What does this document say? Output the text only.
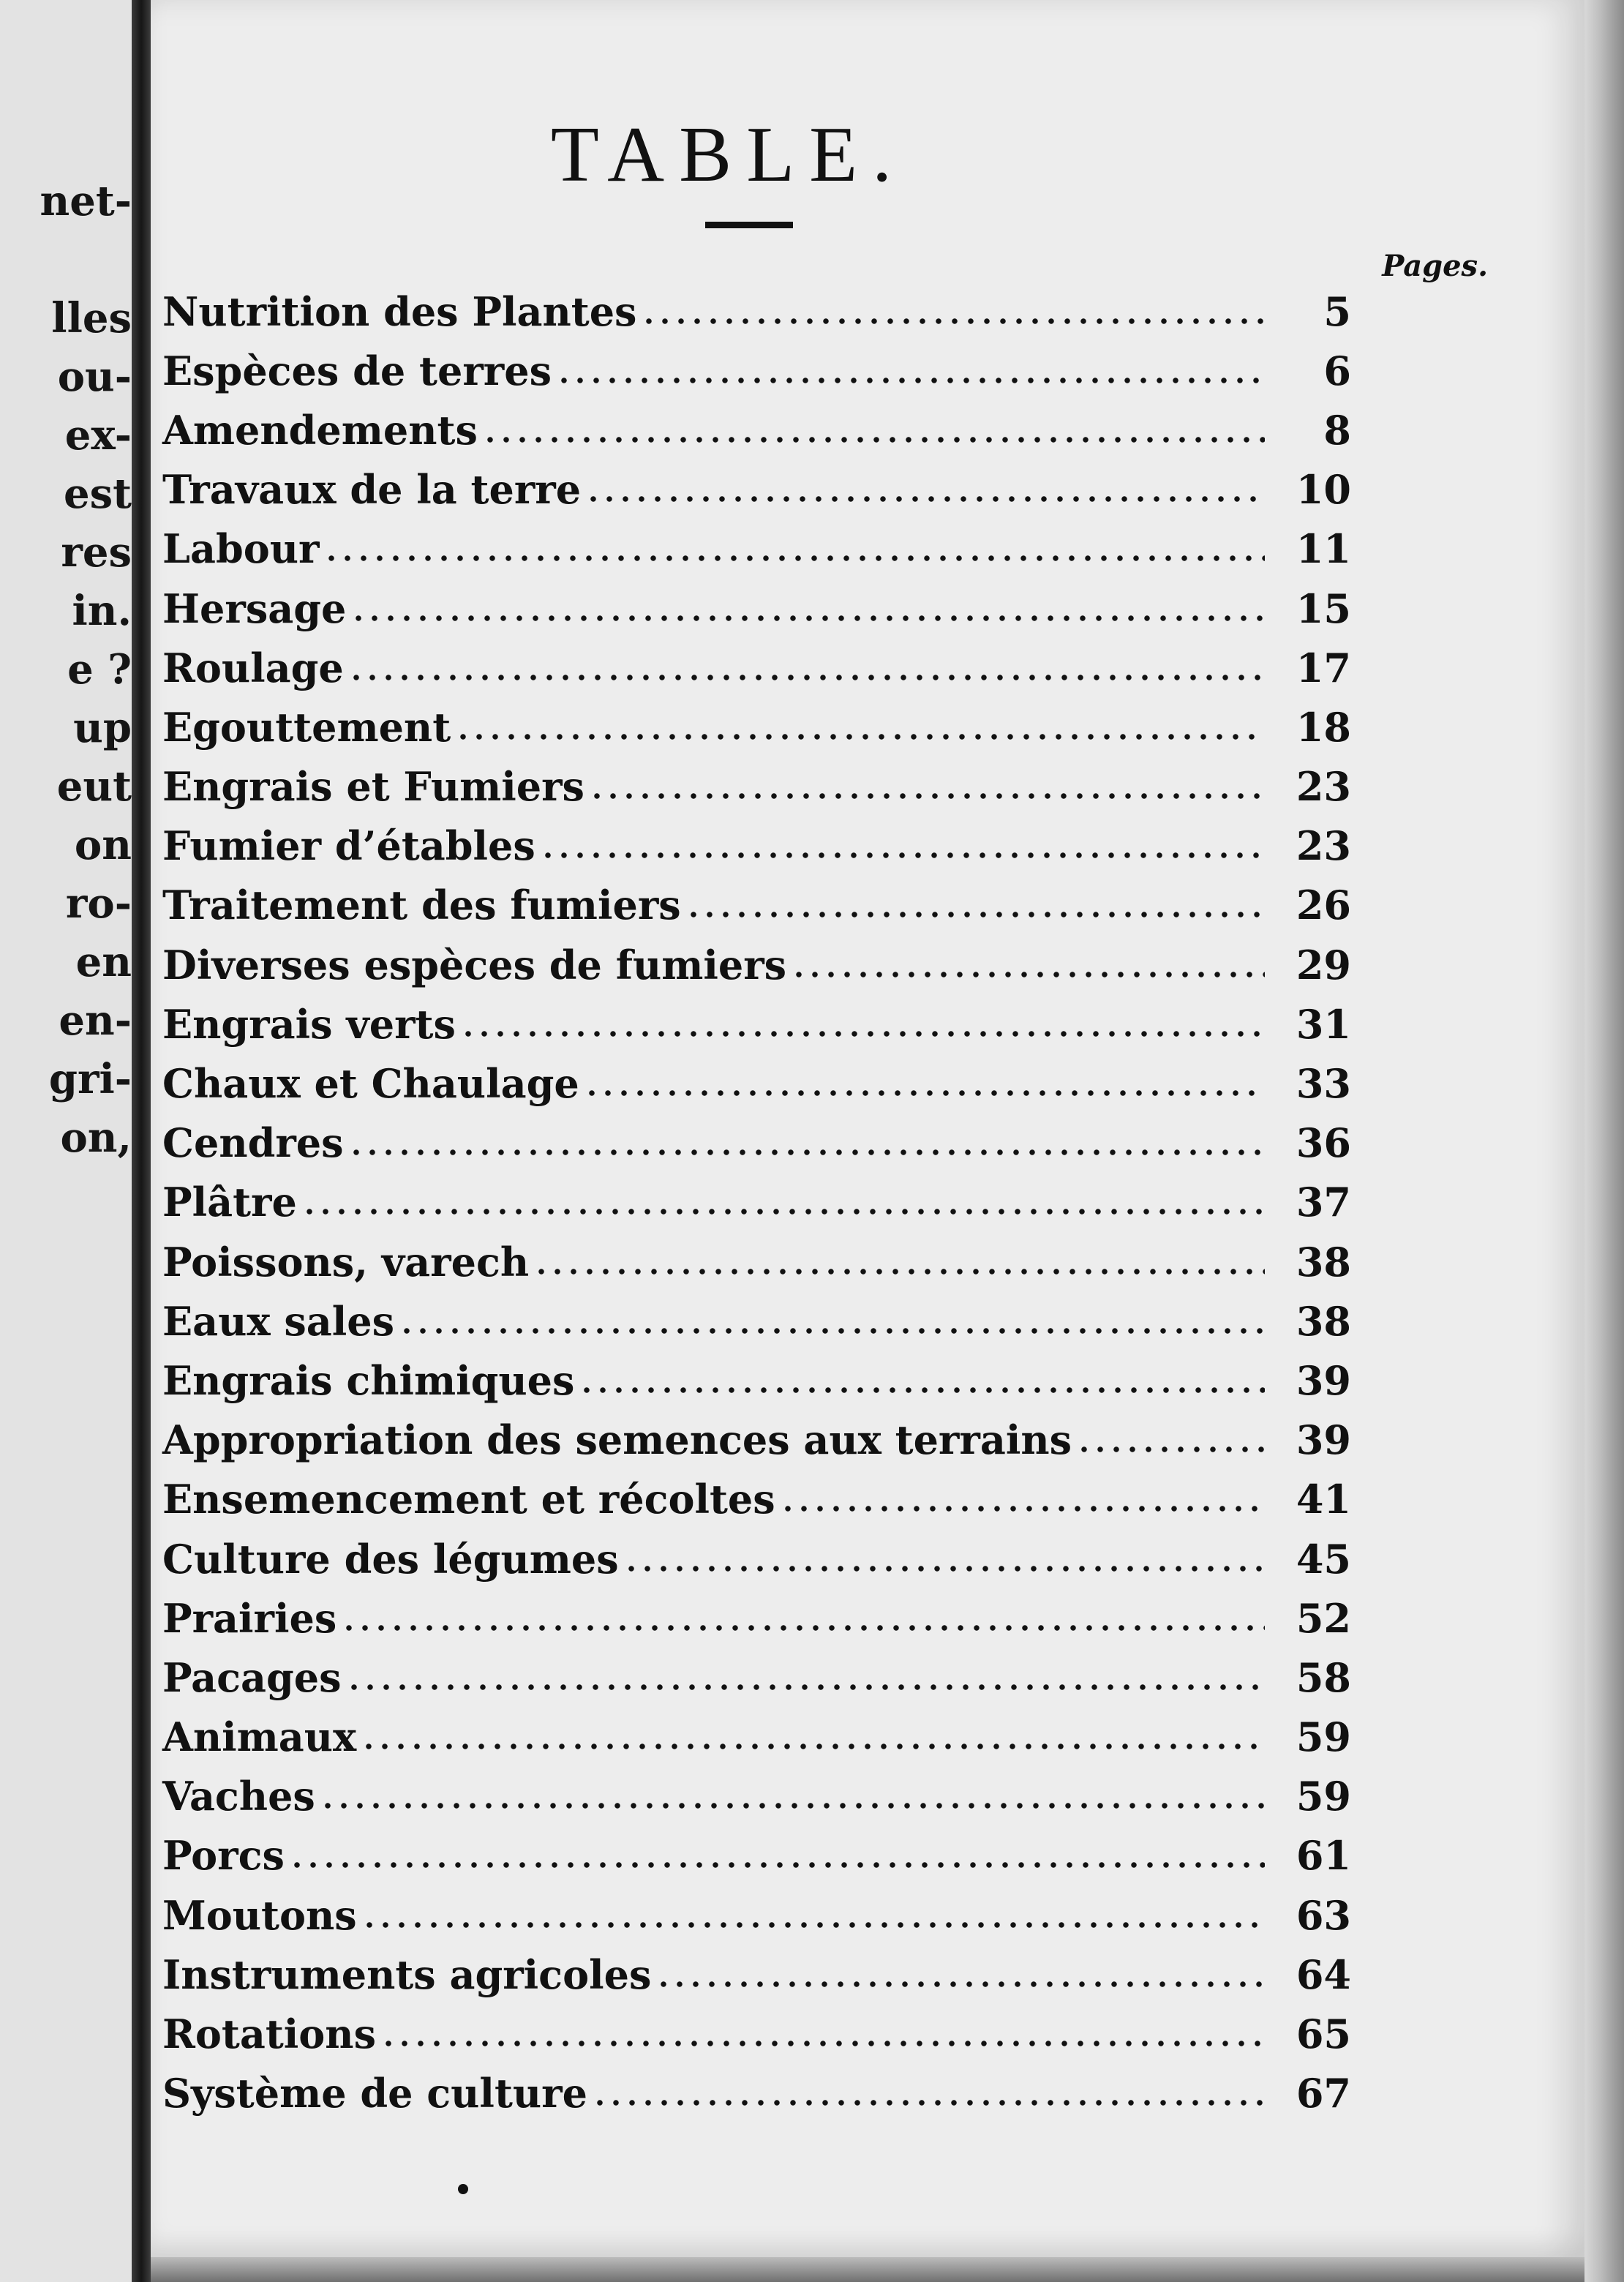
net-
lles
ou-
ex-
est
res
in.
e ?
up
eut
on
ro-
en
en-
gri-
on,
TABLE.
Pages.
Nutrition des Plantes	5
Espèces de terres	6
Amendements	8
Travaux de la terre	10
Labour	11
Hersage	15
Roulage	17
Egouttement	18
Engrais et Fumiers	23
Fumier d’étables	23
Traitement des fumiers	26
Diverses espèces de fumiers	29
Engrais verts	31
Chaux et Chaulage	33
Cendres	36
Plâtre	37
Poissons, varech	38
Eaux sales	38
Engrais chimiques	39
Appropriation des semences aux terrains	39
Ensemencement et récoltes	41
Culture des légumes	45
Prairies	52
Pacages	58
Animaux	59
Vaches	59
Porcs	61
Moutons	63
Instruments agricoles	64
Rotations	65
Système de culture	67
